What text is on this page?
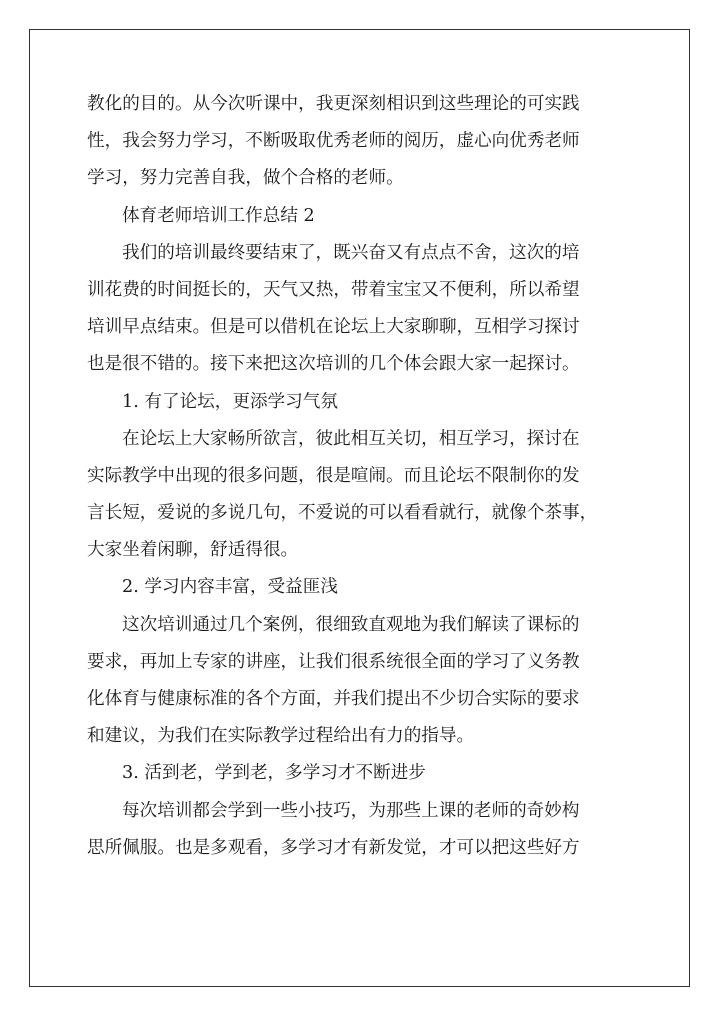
教化的目的。从今次听课中，我更深刻相识到这些理论的可实践
性，我会努力学习，不断吸取优秀老师的阅历，虚心向优秀老师
学习，努力完善自我，做个合格的老师。
体育老师培训工作总结 2
我们的培训最终要结束了，既兴奋又有点点不舍，这次的培
训花费的时间挺长的，天气又热，带着宝宝又不便利，所以希望
培训早点结束。但是可以借机在论坛上大家聊聊，互相学习探讨
也是很不错的。接下来把这次培训的几个体会跟大家一起探讨。
1. 有了论坛，更添学习气氛
在论坛上大家畅所欲言，彼此相互关切，相互学习，探讨在
实际教学中出现的很多问题，很是喧闹。而且论坛不限制你的发
言长短，爱说的多说几句，不爱说的可以看看就行，就像个茶事，
大家坐着闲聊，舒适得很。
2. 学习内容丰富，受益匪浅
这次培训通过几个案例，很细致直观地为我们解读了课标的
要求，再加上专家的讲座，让我们很系统很全面的学习了义务教
化体育与健康标准的各个方面，并我们提出不少切合实际的要求
和建议，为我们在实际教学过程给出有力的指导。
3. 活到老，学到老，多学习才不断进步
每次培训都会学到一些小技巧，为那些上课的老师的奇妙构
思所佩服。也是多观看，多学习才有新发觉，才可以把这些好方
